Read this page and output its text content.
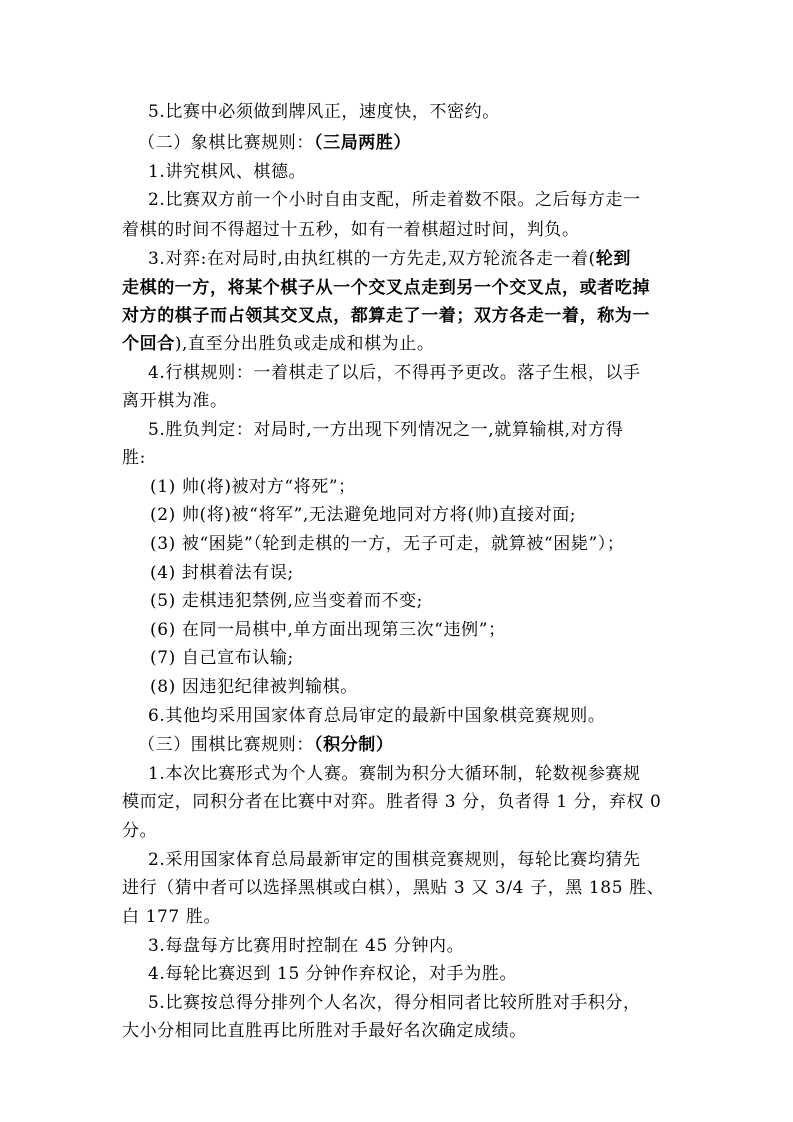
5.比赛中必须做到牌风正，速度快，不密约。
（二）象棋比赛规则：（三局两胜）
1.讲究棋风、棋德。
2.比赛双方前一个小时自由支配，所走着数不限。之后每方走一
着棋的时间不得超过十五秒，如有一着棋超过时间，判负。
3.对弈:在对局时,由执红棋的一方先走,双方轮流各走一着(轮到
走棋的一方，将某个棋子从一个交叉点走到另一个交叉点，或者吃掉
对方的棋子而占领其交叉点，都算走了一着；双方各走一着，称为一
个回合),直至分出胜负或走成和棋为止。
4.行棋规则：一着棋走了以后，不得再予更改。落子生根，以手
离开棋为准。
5.胜负判定：对局时,一方出现下列情况之一,就算输棋,对方得
胜:
(1) 帅(将)被对方“将死”；
(2) 帅(将)被“将军”,无法避免地同对方将(帅)直接对面;
(3) 被“困毙”（轮到走棋的一方，无子可走，就算被“困毙”）；
(4) 封棋着法有误;
(5) 走棋违犯禁例,应当变着而不变;
(6) 在同一局棋中,单方面出现第三次“违例”；
(7) 自己宣布认输;
(8) 因违犯纪律被判输棋。
6.其他均采用国家体育总局审定的最新中国象棋竞赛规则。
（三）围棋比赛规则：（积分制）
1.本次比赛形式为个人赛。赛制为积分大循环制，轮数视参赛规
模而定，同积分者在比赛中对弈。胜者得 3 分，负者得 1 分，弃权 0
分。
2.采用国家体育总局最新审定的围棋竞赛规则，每轮比赛均猜先
进行（猜中者可以选择黑棋或白棋），黑贴 3 又 3/4 子，黑 185 胜、
白 177 胜。
3.每盘每方比赛用时控制在 45 分钟内。
4.每轮比赛迟到 15 分钟作弃权论，对手为胜。
5.比赛按总得分排列个人名次，得分相同者比较所胜对手积分，
大小分相同比直胜再比所胜对手最好名次确定成绩。
